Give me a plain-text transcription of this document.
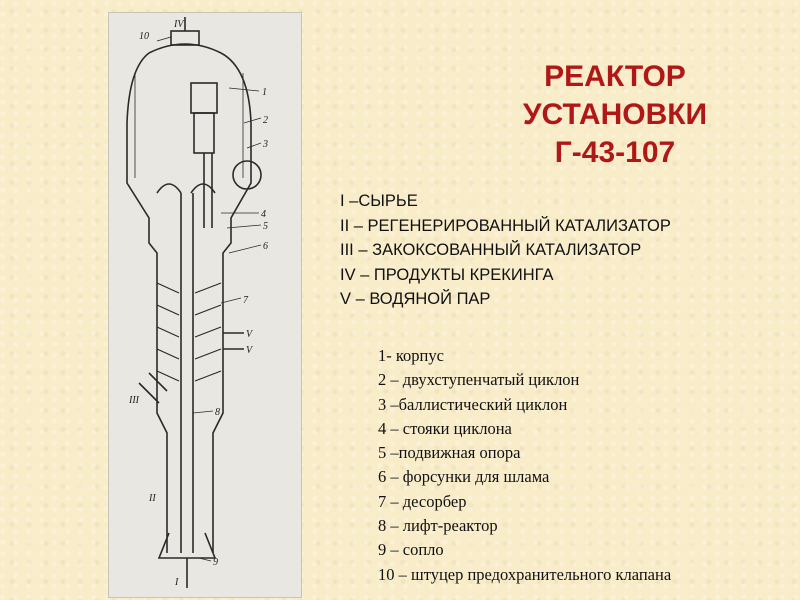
IV
10
1
2
3
4
5
6
7
V
V
III
8
II
9
I
РЕАКТОР
УСТАНОВКИ
Г-43-107
I –СЫРЬЕ
II – РЕГЕНЕРИРОВАННЫЙ КАТАЛИЗАТОР
III – ЗАКОКСОВАННЫЙ КАТАЛИЗАТОР
IV – ПРОДУКТЫ КРЕКИНГА
V – ВОДЯНОЙ ПАР
1- корпус
2 – двухступенчатый циклон
3 –баллистический циклон
4 – стояки циклона
5 –подвижная опора
6 – форсунки для шлама
7 – десорбер
8 – лифт-реактор
9 – сопло
10 – штуцер предохранительного клапана
